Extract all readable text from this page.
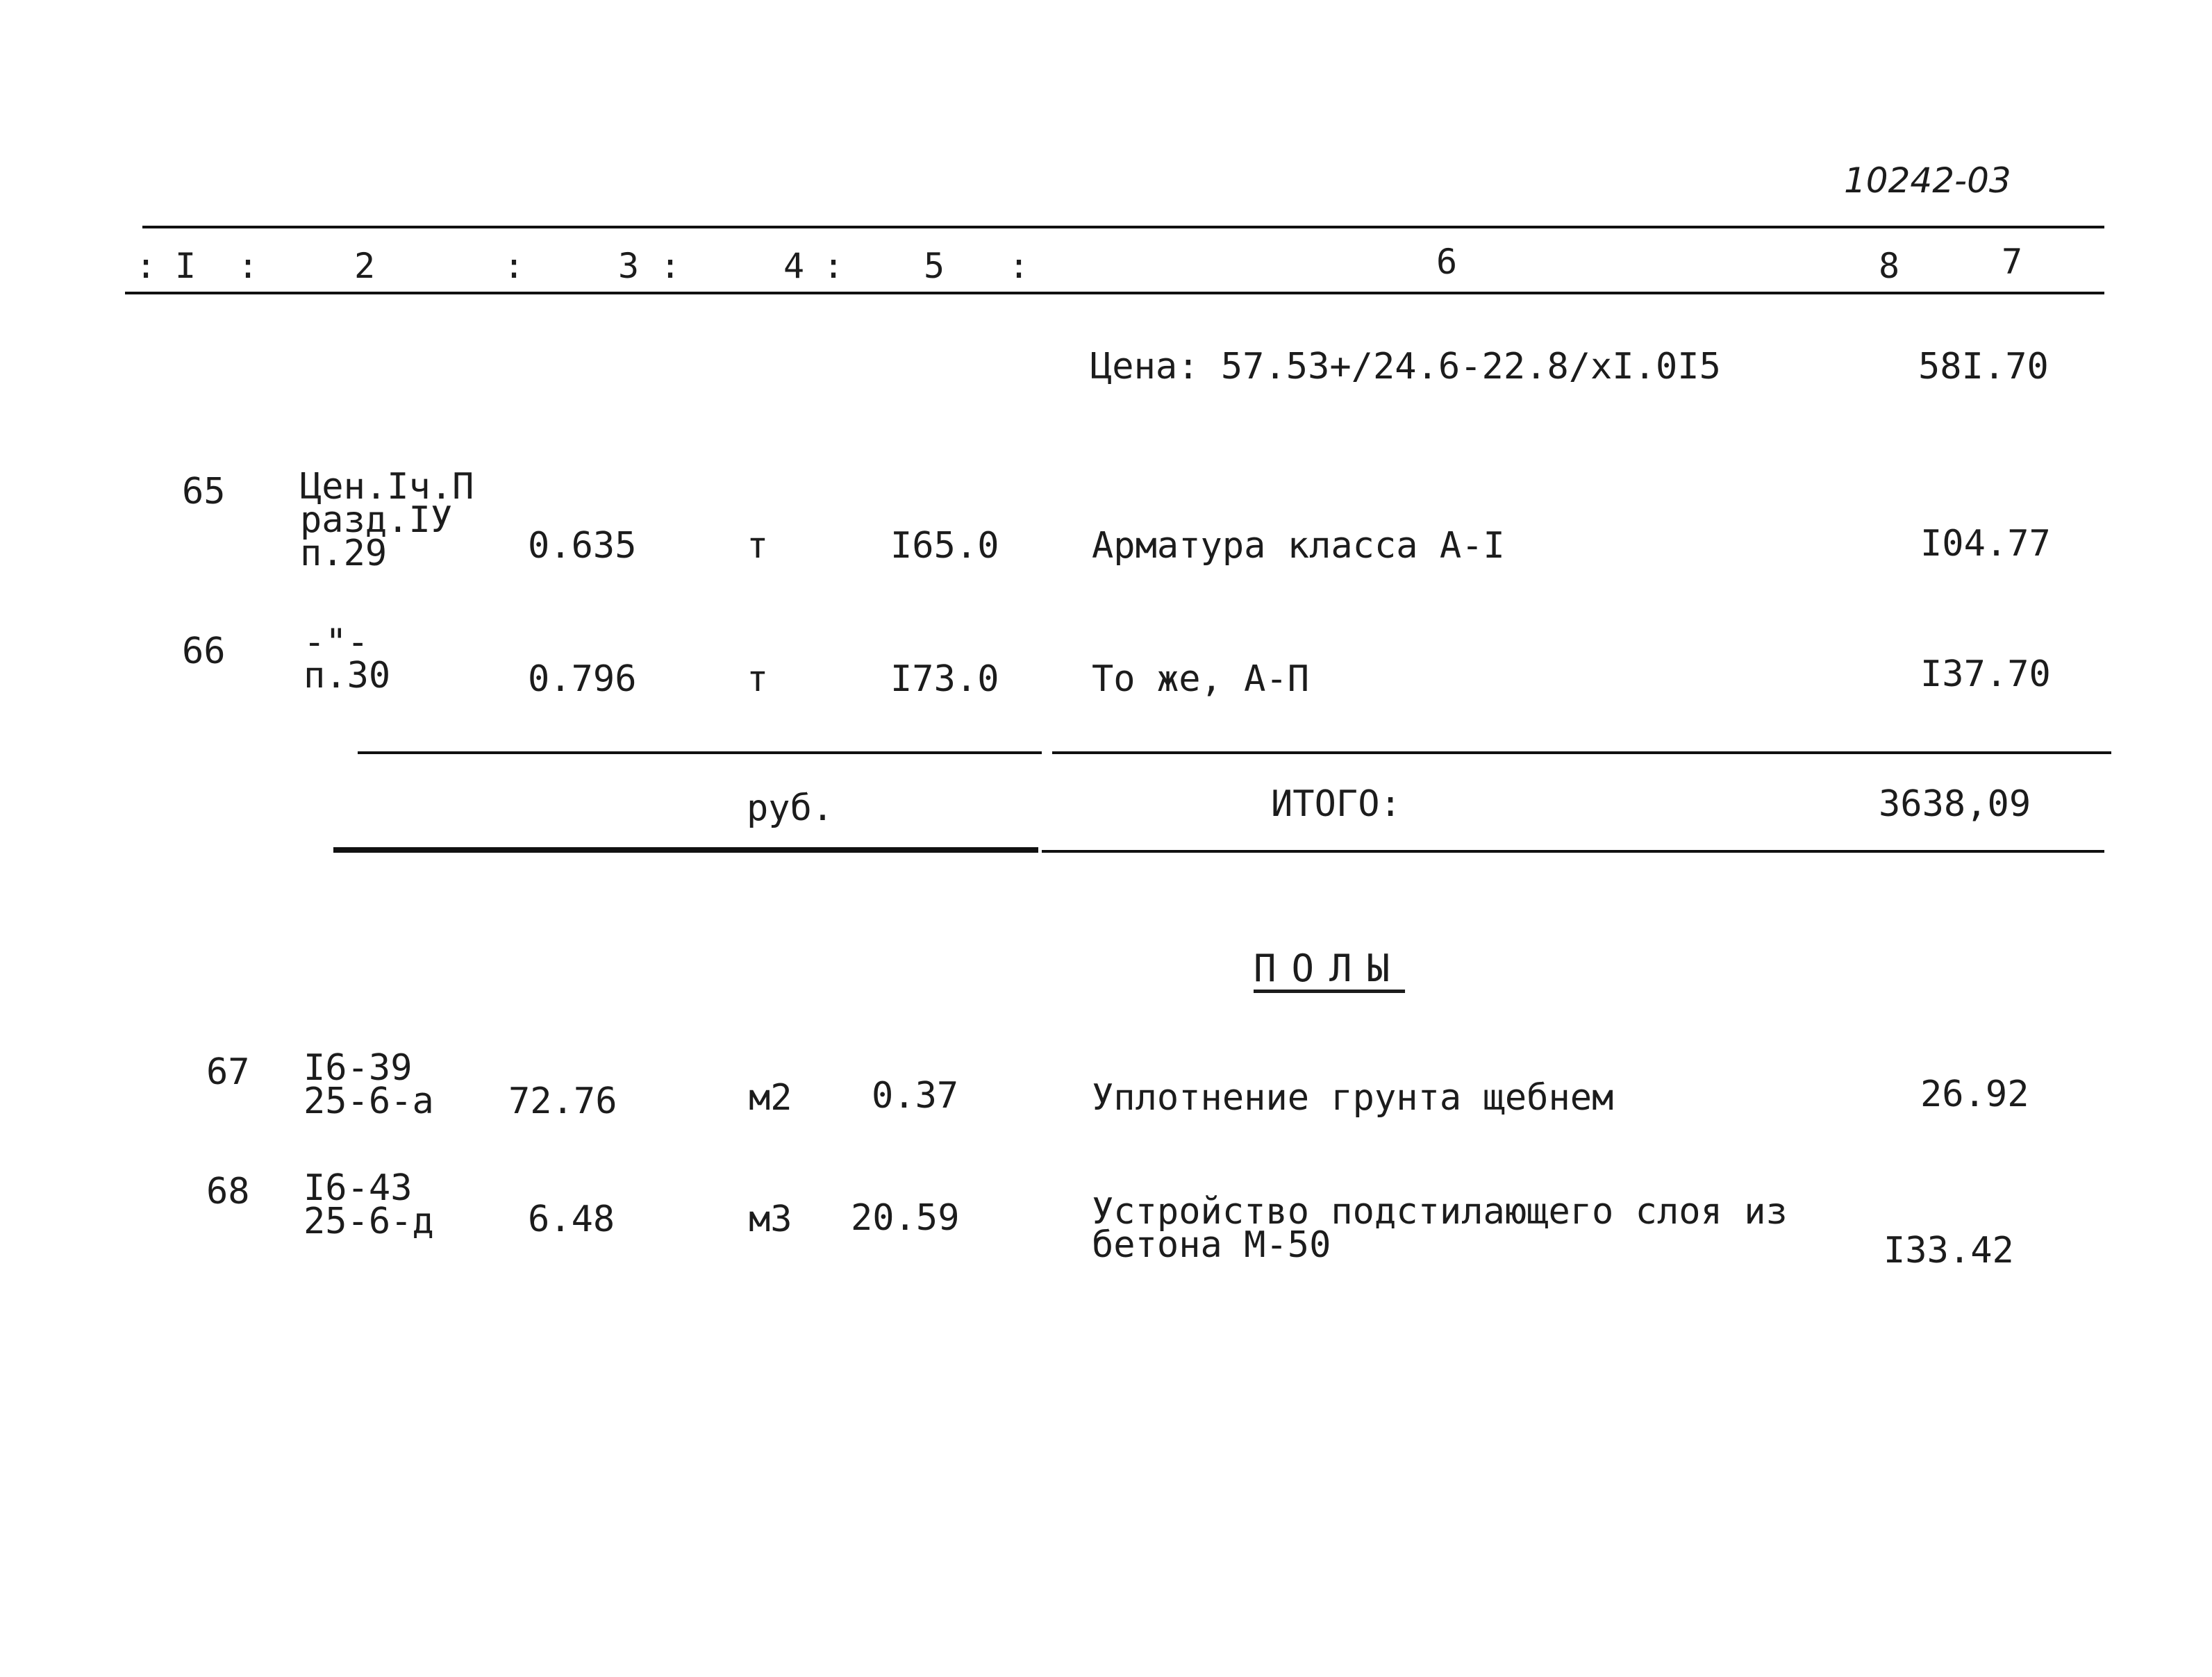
10242-03
: I :	2	:	3 :	4 : 5 :	6	8	7
Цена: 57.53+/24.6-22.8/xI.0I5	58I.70
65 Цен.Iч.П
разд.IУ
п.29	0.635	т	I65.0	Арматура класса А-I	I04.77
66 -"-
п.30	0.796	т	I73.0	То же, А-П	I37.70
руб.	ИТОГО:	3638,09
ПОЛЫ
67 I6-39
25-6-а 72.76	м2 0.37	Уплотнение грунта щебнем	26.92
68 I6-43
25-6-д	6.48	м3 20.59	Устройство подстилающего слоя из
бетона М-50	I33.42
